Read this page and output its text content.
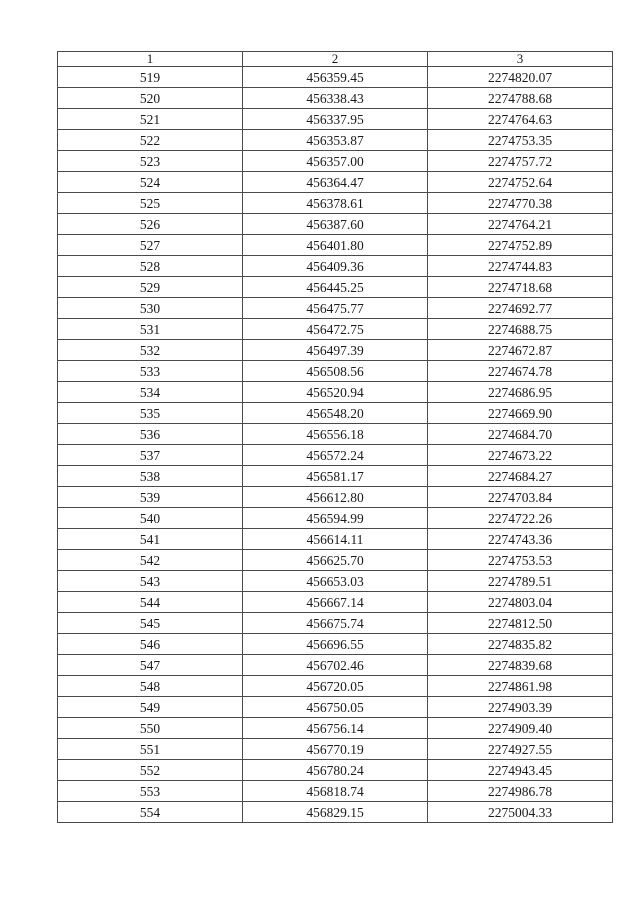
1	2	3
519	456359.45	2274820.07
520	456338.43	2274788.68
521	456337.95	2274764.63
522	456353.87	2274753.35
523	456357.00	2274757.72
524	456364.47	2274752.64
525	456378.61	2274770.38
526	456387.60	2274764.21
527	456401.80	2274752.89
528	456409.36	2274744.83
529	456445.25	2274718.68
530	456475.77	2274692.77
531	456472.75	2274688.75
532	456497.39	2274672.87
533	456508.56	2274674.78
534	456520.94	2274686.95
535	456548.20	2274669.90
536	456556.18	2274684.70
537	456572.24	2274673.22
538	456581.17	2274684.27
539	456612.80	2274703.84
540	456594.99	2274722.26
541	456614.11	2274743.36
542	456625.70	2274753.53
543	456653.03	2274789.51
544	456667.14	2274803.04
545	456675.74	2274812.50
546	456696.55	2274835.82
547	456702.46	2274839.68
548	456720.05	2274861.98
549	456750.05	2274903.39
550	456756.14	2274909.40
551	456770.19	2274927.55
552	456780.24	2274943.45
553	456818.74	2274986.78
554	456829.15	2275004.33
